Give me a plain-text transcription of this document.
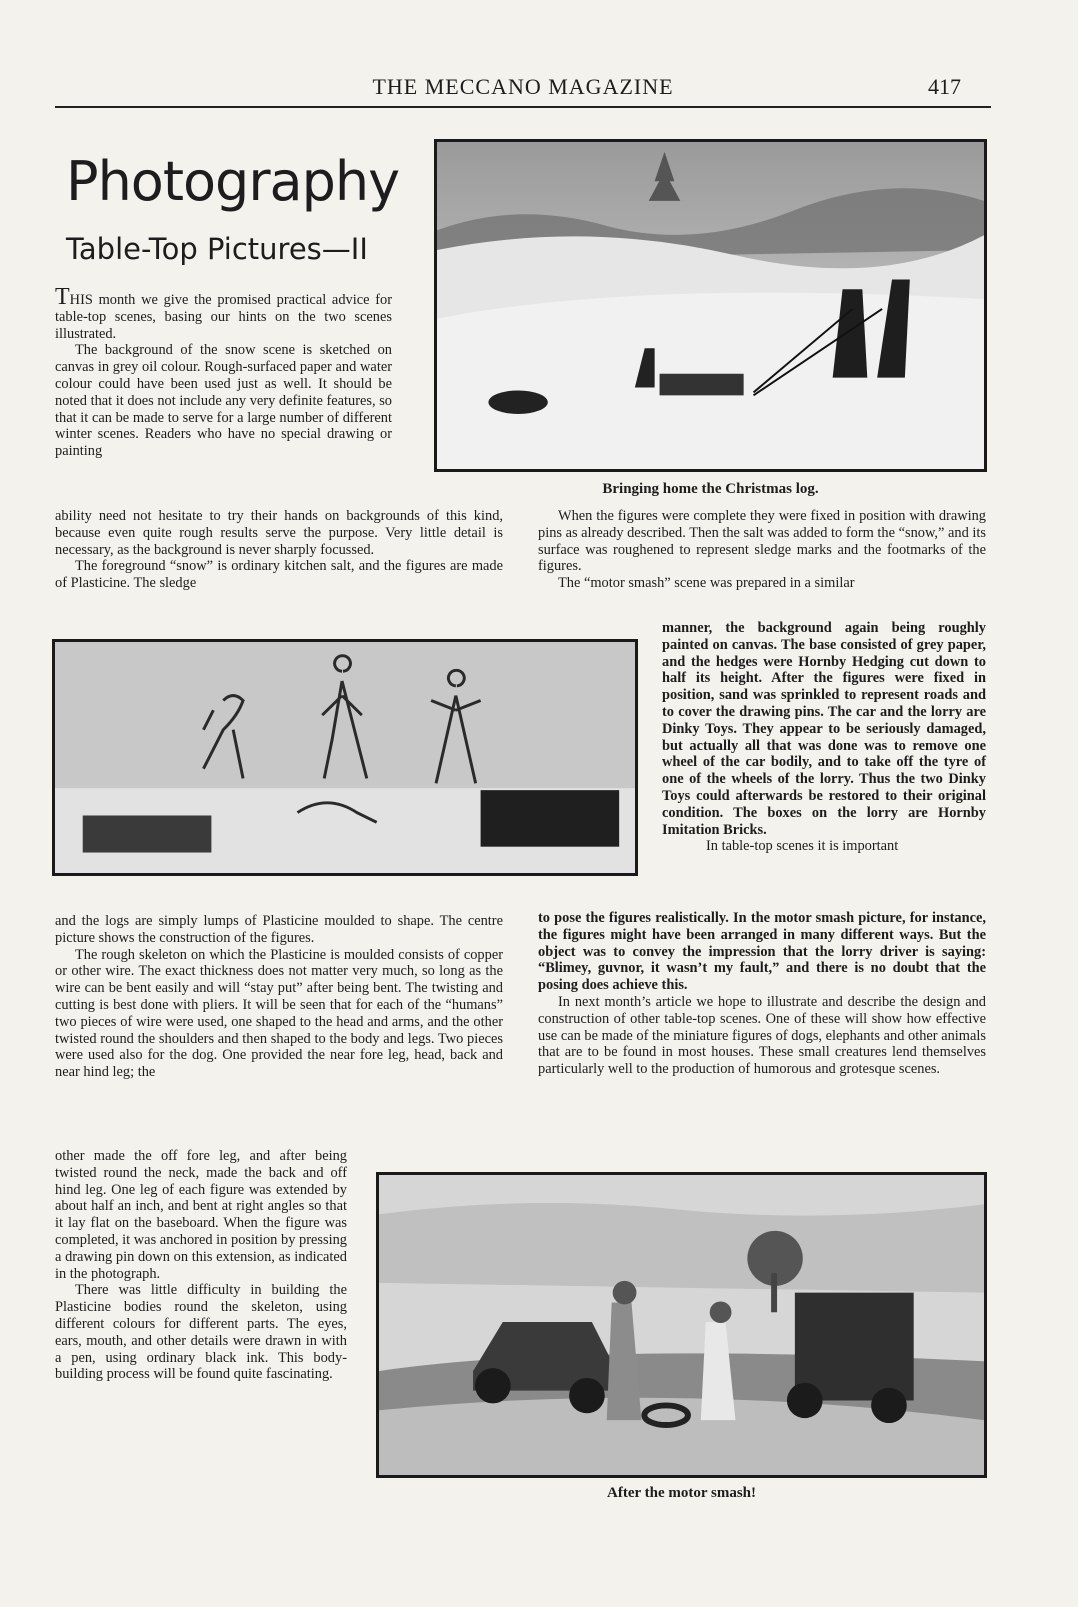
THE MECCANO MAGAZINE	417
Photography
Table-Top Pictures—II

THIS month we give the promised practical advice for table-top scenes, basing our hints on the two scenes illustrated.

The background of the snow scene is sketched on canvas in grey oil colour. Rough-surfaced paper and water colour could have been used just as well. It should be noted that it does not include any very definite features, so that it can be made to serve for a large number of different winter scenes. Readers who have no special drawing or painting

ability need not hesitate to try their hands on backgrounds of this kind, because even quite rough results serve the purpose. Very little detail is necessary, as the background is never sharply focussed.

The foreground “snow” is ordinary kitchen salt, and the figures are made of Plasticine. The sledge

Bringing home the Christmas log.

When the figures were complete they were fixed in position with drawing pins as already described. Then the salt was added to form the “snow,” and its surface was roughened to represent sledge marks and the footmarks of the figures.

The “motor smash” scene was prepared in a similar

manner, the background again being roughly painted on canvas. The base consisted of grey paper, and the hedges were Hornby Hedging cut down to half its height. After the figures were fixed in position, sand was sprinkled to represent roads and to cover the drawing pins. The car and the lorry are Dinky Toys. They appear to be seriously damaged, but actually all that was done was to remove one wheel of the car bodily, and to take off the tyre of one of the wheels of the lorry. Thus the two Dinky Toys could afterwards be restored to their original condition. The boxes on the lorry are Hornby Imitation Bricks.

In table-top scenes it is important

to pose the figures realistically. In the motor smash picture, for instance, the figures might have been arranged in many different ways. But the object was to convey the impression that the lorry driver is saying: “Blimey, guvnor, it wasn’t my fault,” and there is no doubt that the posing does achieve this.

In next month’s article we hope to illustrate and describe the design and construction of other table-top scenes. One of these will show how effective use can be made of the miniature figures of dogs, elephants and other animals that are to be found in most houses. These small creatures lend themselves particularly well to the production of humorous and grotesque scenes.

and the logs are simply lumps of Plasticine moulded to shape. The centre picture shows the construction of the figures.

The rough skeleton on which the Plasticine is moulded consists of copper or other wire. The exact thickness does not matter very much, so long as the wire can be bent easily and will “stay put” after being bent. The twisting and cutting is best done with pliers. It will be seen that for each of the “humans” two pieces of wire were used, one shaped to the head and arms, and the other twisted round the shoulders and then shaped to the body and legs. Two pieces were used also for the dog. One provided the near fore leg, head, back and near hind leg; the

other made the off fore leg, and after being twisted round the neck, made the back and off hind leg. One leg of each figure was extended by about half an inch, and bent at right angles so that it lay flat on the baseboard. When the figure was completed, it was anchored in position by pressing a drawing pin down on this extension, as indicated in the photograph.

There was little difficulty in building the Plasticine bodies round the skeleton, using different colours for different parts. The eyes, ears, mouth, and other details were drawn in with a pen, using ordinary black ink. This body-building process will be found quite fascinating.

After the motor smash!
